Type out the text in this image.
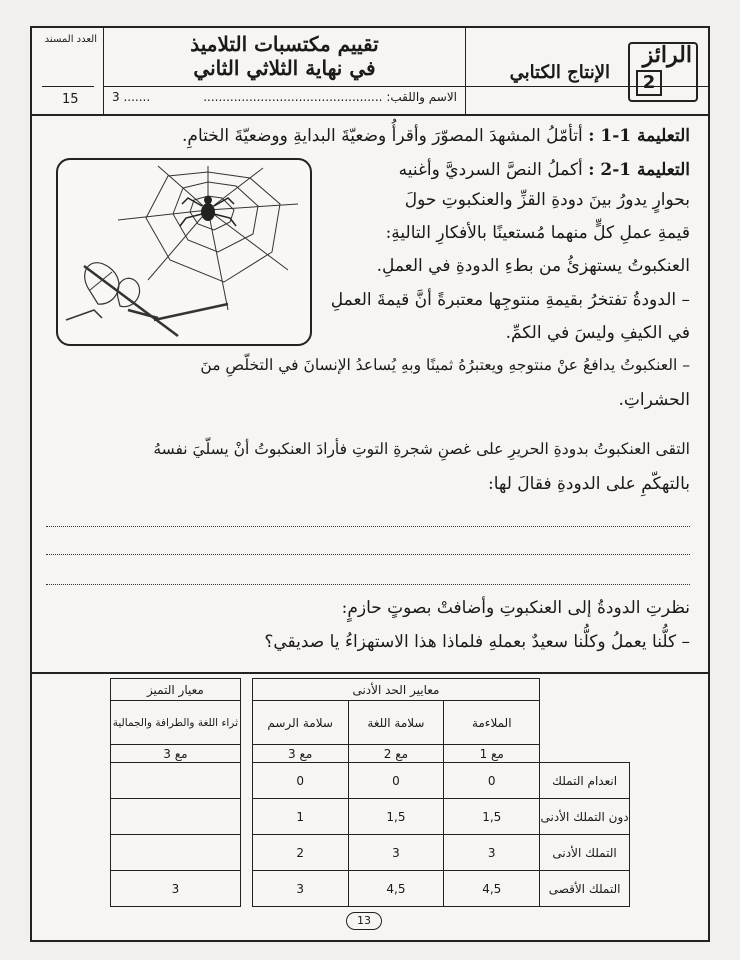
العدد المسند
15
تقييم مكتسبات التلاميذ
في نهاية الثلاثي الثاني
3 .......	الاسم واللقب: ...............................................
الرائز
2
الإنتاج الكتابي
التعليمة 1-1 : أتأمّلُ المشهدَ المصوّرَ وأقرأُ وضعيّةَ البدايةِ ووضعيّةَ الختامِ.
التعليمة 1-2 : أكملُ النصَّ السرديَّ وأغنيه
بحوارٍ يدورُ بينَ دودةِ القزِّ والعنكبوتِ حولَ
قيمةِ عملِ كلٍّ منهما مُستعينًا بالأفكارِ التاليةِ:
العنكبوتُ يستهزئُ من بطءِ الدودةِ في العملِ.
– الدودةُ تفتخرُ بقيمةِ منتوجِها معتبرةً أنَّ قيمةَ العملِ
في الكيفِ وليسَ في الكمِّ.
– العنكبوتُ يدافعُ عنْ منتوجهِ ويعتبرُهُ ثمينًا وبهِ يُساعدُ الإنسانَ في التخلّصِ منَ
الحشراتِ.
التقى العنكبوتُ بدودةِ الحريرِ على غصنِ شجرةِ التوتِ فأرادَ العنكبوتُ أنْ يسلّيَ نفسهُ
بالتهكّمِ على الدودةِ فقالَ لها:
نظرتِ الدودةُ إلى العنكبوتِ وأضافتْ بصوتٍ حازمٍ:
– كلُّنا يعملُ وكلُّنا سعيدٌ بعملهِ فلماذا هذا الاستهزاءُ يا صديقي؟
	معايير الحد الأدنى				معيار التميز
	الملاءمة	سلامة اللغة	سلامة الرسم		ثراء اللغة والطرافة والجمالية
	مع 1	مع 2	مع 3		مع 3
انعدام التملك	0	0	0		
دون التملك الأدنى	1,5	1,5	1		
التملك الأدنى	3	3	2		
التملك الأقصى	4,5	4,5	3		3
13
